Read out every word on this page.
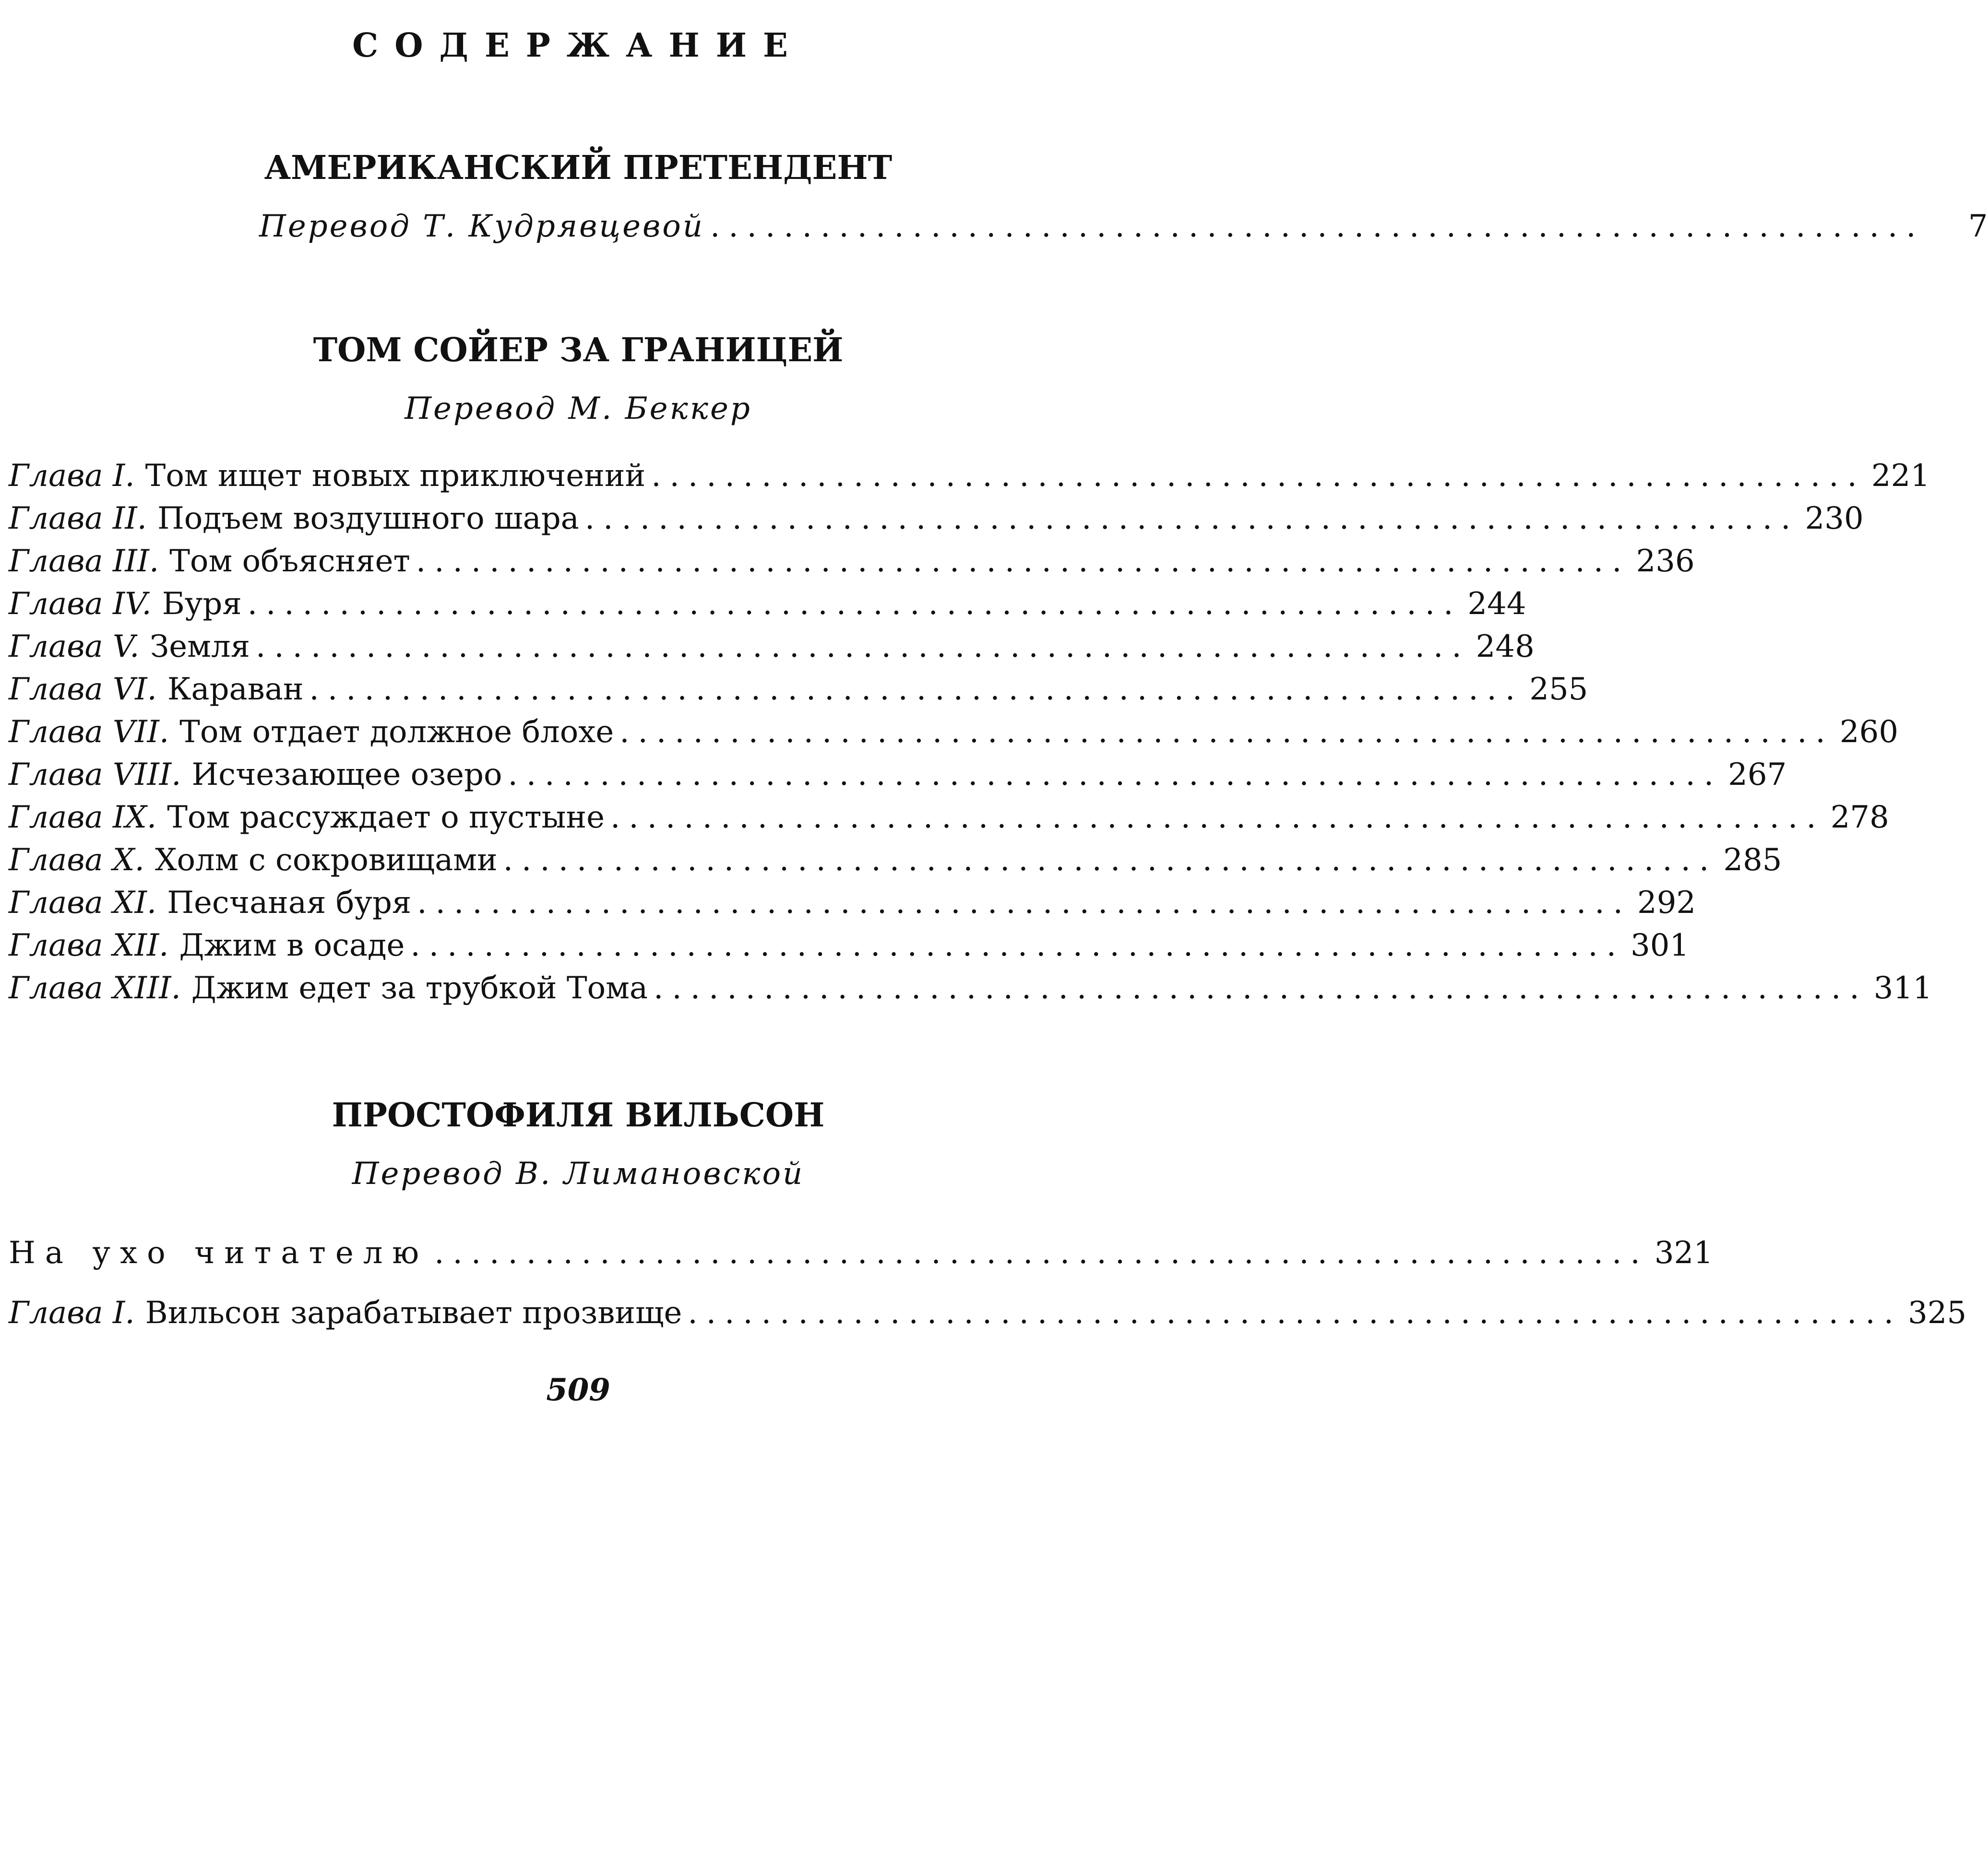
СОДЕРЖАНИЕ
АМЕРИКАНСКИЙ ПРЕТЕНДЕНТ
Перевод Т. Кудрявцевой ..................................................................	7
ТОМ СОЙЕР ЗА ГРАНИЦЕЙ

Перевод М. Беккер

Глава I. Том ищет новых приключений .................................................................. 221
Глава II. Подъем воздушного шара .................................................................. 230
Глава III. Том объясняет .................................................................. 236
Глава IV. Буря .................................................................. 244
Глава V. Земля .................................................................. 248
Глава VI. Караван .................................................................. 255
Глава VII. Том отдает должное блохе .................................................................. 260
Глава VIII. Исчезающее озеро .................................................................. 267
Глава IX. Том рассуждает о пустыне .................................................................. 278
Глава X. Холм с сокровищами .................................................................. 285
Глава XI. Песчаная буря .................................................................. 292
Глава XII. Джим в осаде .................................................................. 301
Глава XIII. Джим едет за трубкой Тома .................................................................. 311
ПРОСТОФИЛЯ ВИЛЬСОН

Перевод В. Лимановской

На ухо читателю .................................................................. 321
Глава I. Вильсон зарабатывает прозвище .................................................................. 325

509
